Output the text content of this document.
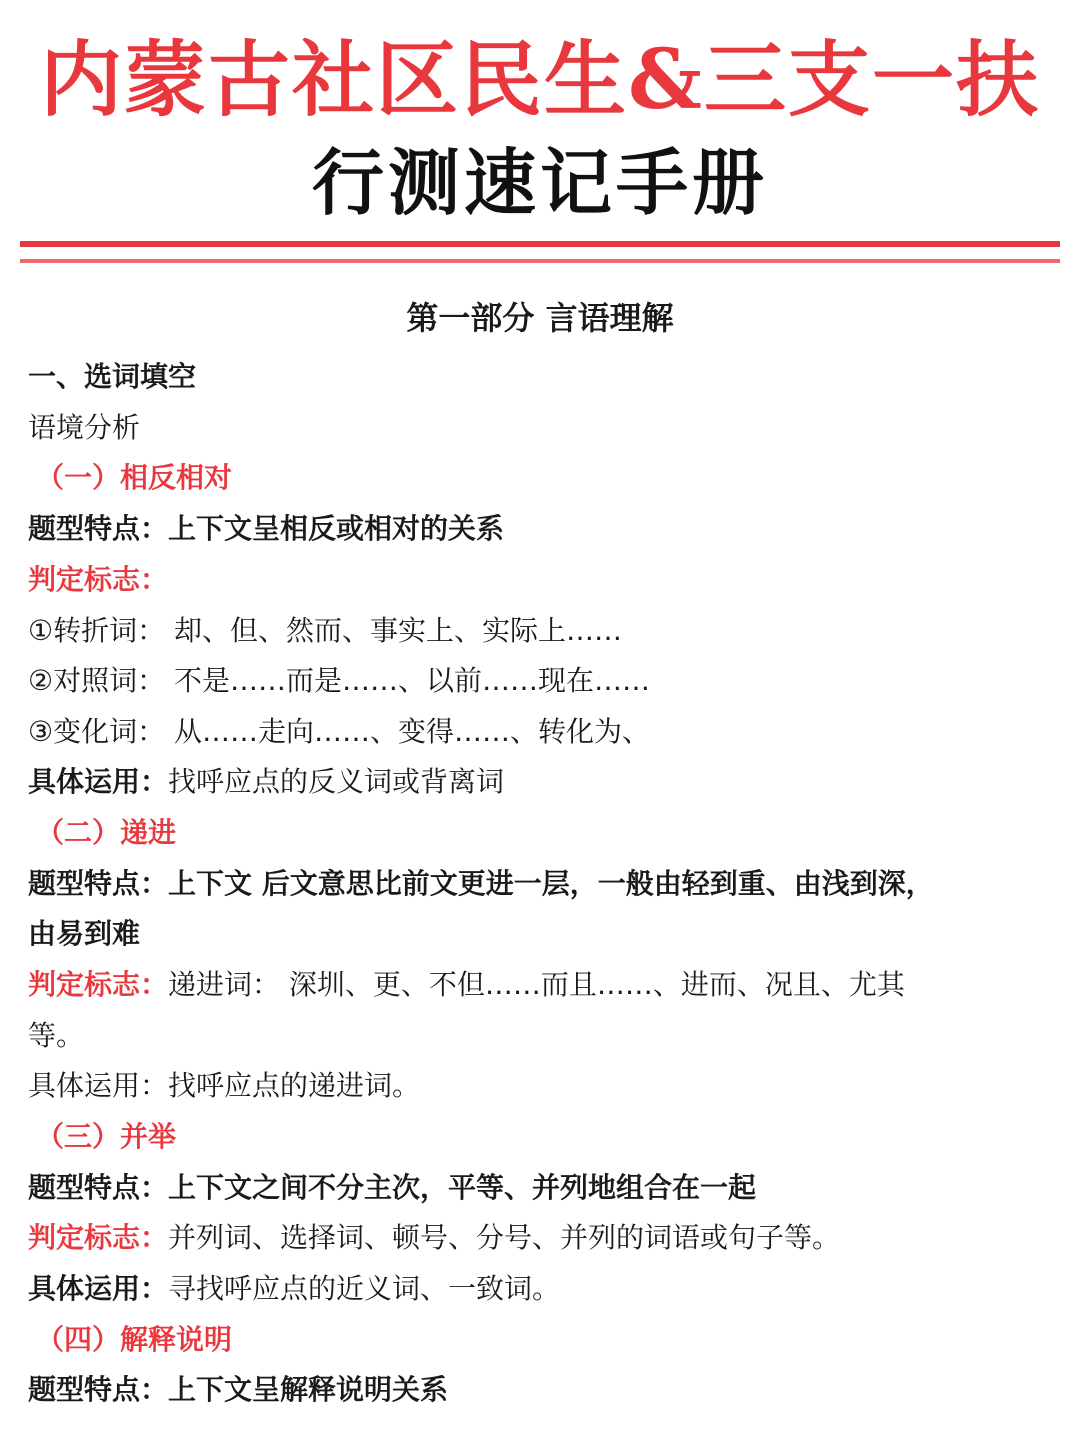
内蒙古社区民生&三支一扶
行测速记手册
第一部分 言语理解
一、选词填空
语境分析
（一）相反相对
题型特点：上下文呈相反或相对的关系
判定标志：
①转折词： 却、但、然而、事实上、实际上……
②对照词： 不是……而是……、以前……现在……
③变化词： 从……走向……、变得……、转化为、
具体运用：找呼应点的反义词或背离词
（二）递进
题型特点：上下文 后文意思比前文更进一层，一般由轻到重、由浅到深，
由易到难
判定标志：递进词： 深圳、更、不但……而且……、进而、况且、尤其
等。
具体运用：找呼应点的递进词。
（三）并举
题型特点：上下文之间不分主次，平等、并列地组合在一起
判定标志：并列词、选择词、顿号、分号、并列的词语或句子等。
具体运用：寻找呼应点的近义词、一致词。
（四）解释说明
题型特点：上下文呈解释说明关系
